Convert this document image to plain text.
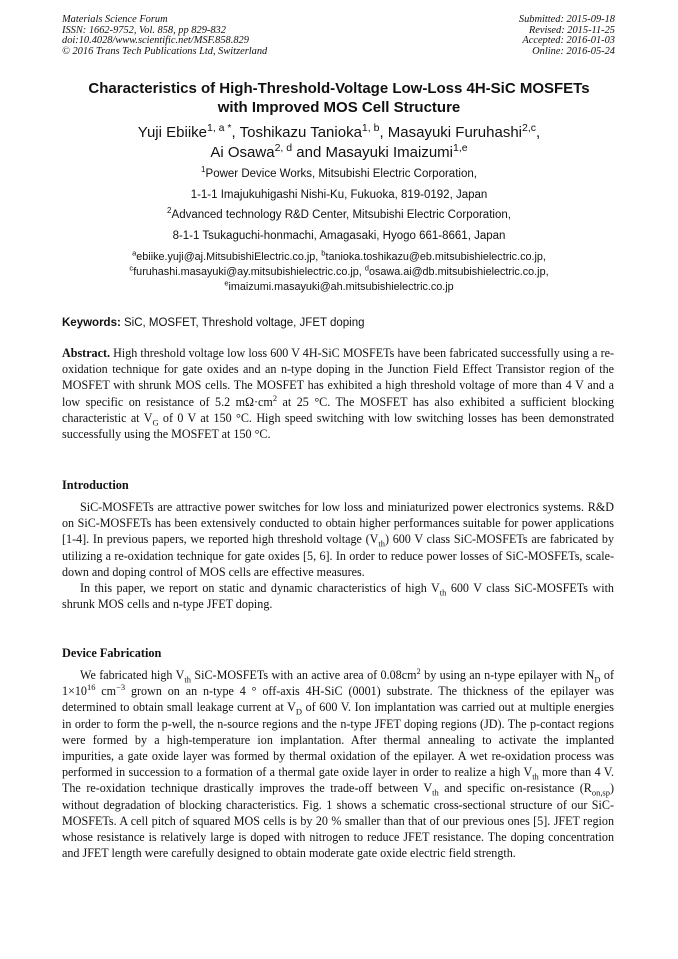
Materials Science Forum
ISSN: 1662-9752, Vol. 858, pp 829-832
doi:10.4028/www.scientific.net/MSF.858.829
© 2016 Trans Tech Publications Ltd, Switzerland
Submitted: 2015-09-18
Revised: 2015-11-25
Accepted: 2016-01-03
Online: 2016-05-24
Characteristics of High-Threshold-Voltage Low-Loss 4H-SiC MOSFETs
with Improved MOS Cell Structure
Yuji Ebiike$^{1, a *}$, Toshikazu Tanioka$^{1, b}$, Masayuki Furuhashi$^{2,c}$,
Ai Osawa$^{2, d}$ and Masayuki Imaizumi$^{1,e}$
$^1$Power Device Works, Mitsubishi Electric Corporation,
1-1-1 Imajukuhigashi Nishi-Ku, Fukuoka, 819-0192, Japan
$^2$Advanced technology R&D Center, Mitsubishi Electric Corporation,
8-1-1 Tsukaguchi-honmachi, Amagasaki, Hyogo 661-8661, Japan
$^a$ebiike.yuji@aj.MitsubishiElectric.co.jp, $^b$tanioka.toshikazu@eb.mitsubishielectric.co.jp,
$^c$furuhashi.masayuki@ay.mitsubishielectric.co.jp, $^d$osawa.ai@db.mitsubishielectric.co.jp,
$^e$imaizumi.masayuki@ah.mitsubishielectric.co.jp
Keywords: SiC, MOSFET, Threshold voltage, JFET doping

Abstract. High threshold voltage low loss 600 V 4H-SiC MOSFETs have been fabricated successfully using a re-oxidation technique for gate oxides and an n-type doping in the Junction Field Effect Transistor region of the MOSFET with shrunk MOS cells. The MOSFET has exhibited a high threshold voltage of more than 4 V and a low specific on resistance of 5.2 $m\Omega\cdot cm^2$ at 25 °C. The MOSFET has also exhibited a sufficient blocking characteristic at $V_G$ of 0 V at 150 °C. High speed switching with low switching losses has been demonstrated successfully using the MOSFET at 150 °C.

Introduction

SiC-MOSFETs are attractive power switches for low loss and miniaturized power electronics systems. R&D on SiC-MOSFETs has been extensively conducted to obtain higher performances suitable for power applications [1-4]. In previous papers, we reported high threshold voltage $(V_{th})$ 600 V class SiC-MOSFETs are fabricated by utilizing a re-oxidation technique for gate oxides [5, 6]. In order to reduce power losses of SiC-MOSFETs, scale-down and doping control of MOS cells are effective measures.

In this paper, we report on static and dynamic characteristics of high $V_{th}$ 600 V class SiC-MOSFETs with shrunk MOS cells and n-type JFET doping.

Device Fabrication

We fabricated high $V_{th}$ SiC-MOSFETs with an active area of $0.08cm^2$ by using an n-type epilayer with $N_D$ of $1\times 10^{16}$ $cm^{-3}$ grown on an n-type 4 ° off-axis 4H-SiC (0001) substrate. The thickness of the epilayer was determined to obtain small leakage current at $V_D$ of 600 V. Ion implantation was carried out at multiple energies in order to form the p-well, the n-source regions and the n-type JFET doping regions (JD). The p-contact regions were formed by a high-temperature ion implantation. After thermal annealing to activate the implanted impurities, a gate oxide layer was formed by thermal oxidation of the epilayer. A wet re-oxidation process was performed in succession to a formation of a thermal gate oxide layer in order to realize a high $V_{th}$ more than 4 V. The re-oxidation technique drastically improves the trade-off between $V_{th}$ and specific on-resistance $(R_{on,sp})$ without degradation of blocking characteristics. Fig. 1 shows a schematic cross-sectional structure of our SiC-MOSFETs. A cell pitch of squared MOS cells is by 20 % smaller than that of our previous ones [5]. JFET region whose resistance is relatively large is doped with nitrogen to reduce JFET resistance. The doping concentration and JFET length were carefully designed to obtain moderate gate oxide electric field strength.
